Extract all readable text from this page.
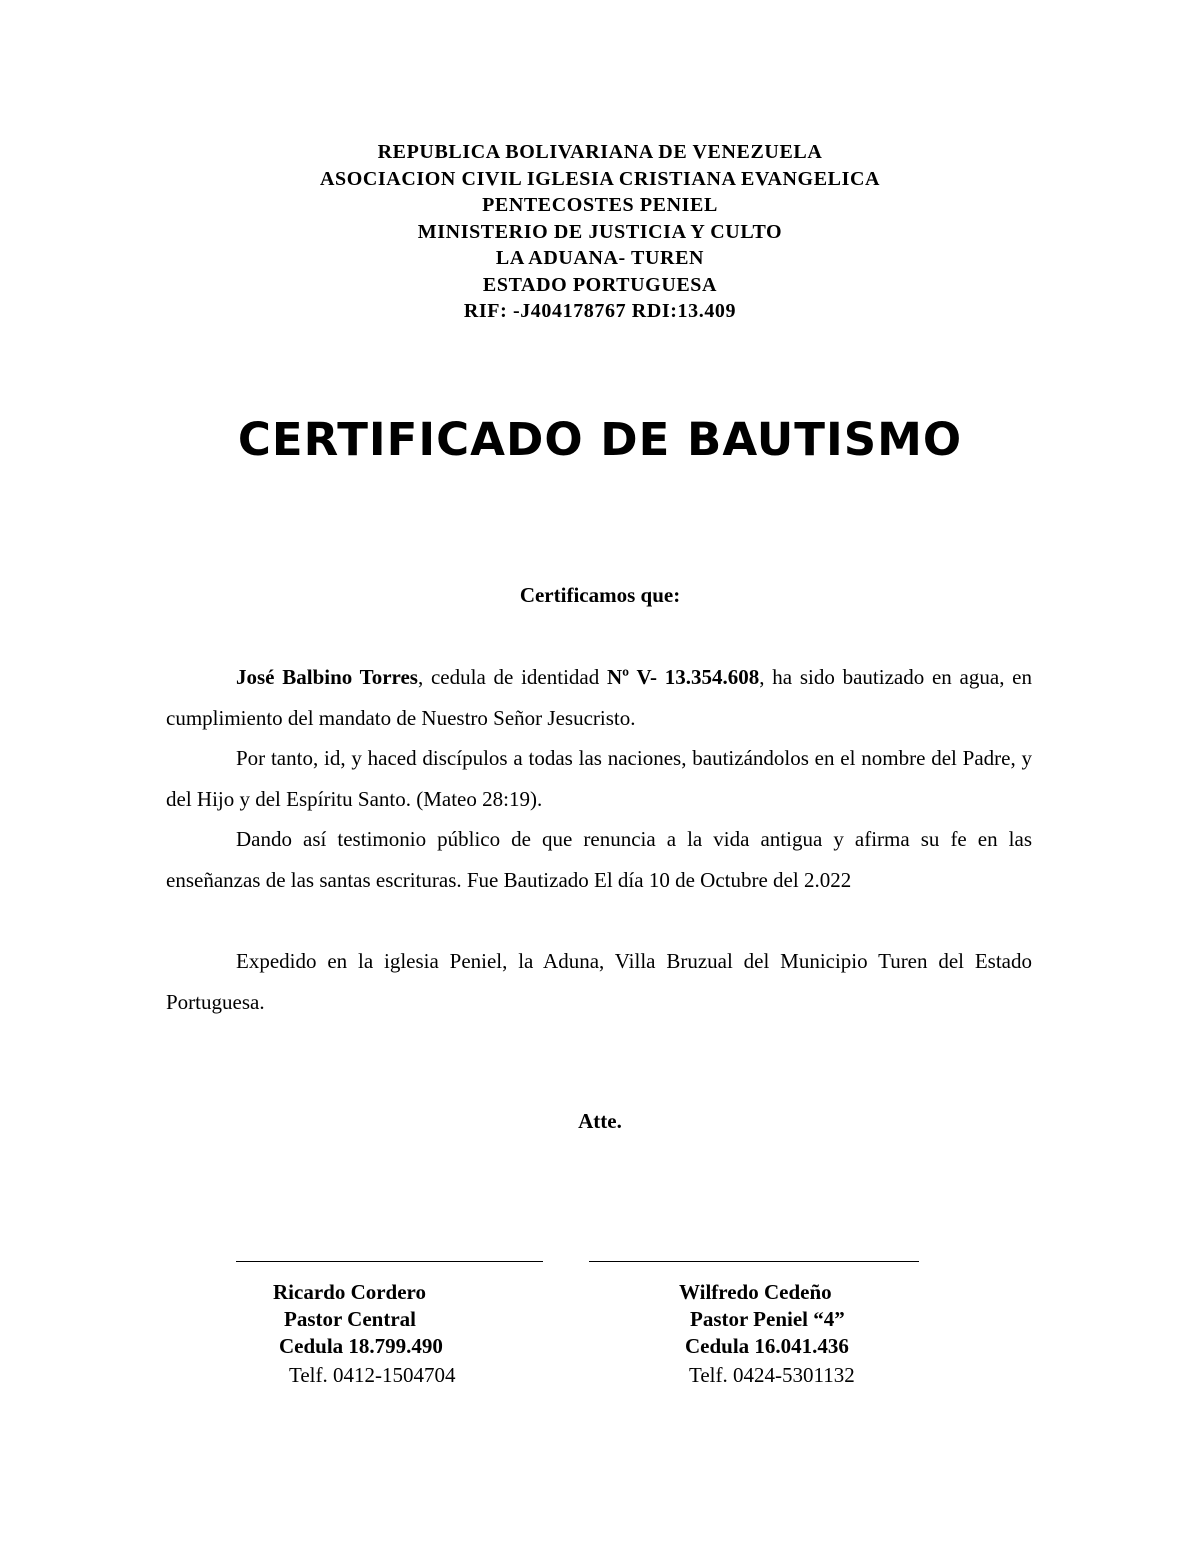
REPUBLICA BOLIVARIANA DE VENEZUELA
ASOCIACION CIVIL IGLESIA CRISTIANA EVANGELICA
PENTECOSTES PENIEL
MINISTERIO DE JUSTICIA Y CULTO
LA ADUANA- TUREN
ESTADO PORTUGUESA
RIF: -J404178767 RDI:13.409
CERTIFICADO DE BAUTISMO
Certificamos que:
José Balbino Torres, cedula de identidad Nº V- 13.354.608, ha sido bautizado en agua, en cumplimiento del mandato de Nuestro Señor Jesucristo.
Por tanto, id, y haced discípulos a todas las naciones, bautizándolos en el nombre del Padre, y del Hijo y del Espíritu Santo. (Mateo 28:19).
Dando así testimonio público de que renuncia a la vida antigua y afirma su fe en las enseñanzas de las santas escrituras. Fue Bautizado El día 10 de Octubre del 2.022
Expedido en la iglesia Peniel, la Aduna, Villa Bruzual del Municipio Turen del Estado Portuguesa.
Atte.
Ricardo Cordero
Pastor Central
Cedula 18.799.490
Telf. 0412-1504704
Wilfredo Cedeño
Pastor Peniel “4”
Cedula 16.041.436
Telf. 0424-5301132
